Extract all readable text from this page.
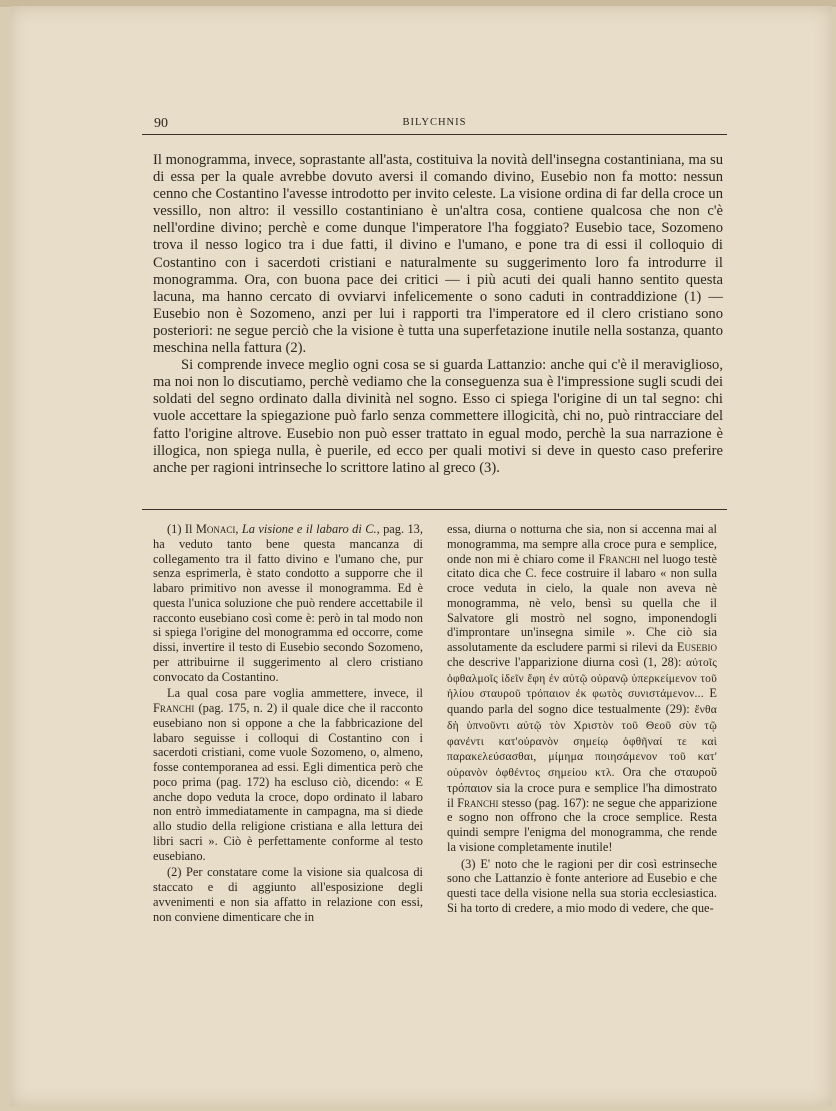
90	BILYCHNIS

Il monogramma, invece, soprastante all'asta, costituiva la novità dell'insegna costantiniana, ma su di essa per la quale avrebbe dovuto aversi il comando divino, Eusebio non fa motto: nessun cenno che Costantino l'avesse introdotto per invito celeste. La visione ordina di far della croce un vessillo, non altro: il vessillo costantiniano è un'altra cosa, contiene qualcosa che non c'è nell'ordine divino; perchè e come dunque l'imperatore l'ha foggiato? Eusebio tace, Sozomeno trova il nesso logico tra i due fatti, il divino e l'umano, e pone tra di essi il colloquio di Costantino con i sacerdoti cristiani e naturalmente su suggerimento loro fa introdurre il monogramma. Ora, con buona pace dei critici — i più acuti dei quali hanno sentito questa lacuna, ma hanno cercato di ovviarvi infelicemente o sono caduti in contraddizione (1) — Eusebio non è Sozomeno, anzi per lui i rapporti tra l'imperatore ed il clero cristiano sono posteriori: ne segue perciò che la visione è tutta una superfetazione inutile nella sostanza, quanto meschina nella fattura (2).

Si comprende invece meglio ogni cosa se si guarda Lattanzio: anche qui c'è il meraviglioso, ma noi non lo discutiamo, perchè vediamo che la conseguenza sua è l'impressione sugli scudi dei soldati del segno ordinato dalla divinità nel sogno. Esso ci spiega l'origine di un tal segno: chi vuole accettare la spiegazione può farlo senza commettere illogicità, chi no, può rintracciare del fatto l'origine altrove. Eusebio non può esser trattato in egual modo, perchè la sua narrazione è illogica, non spiega nulla, è puerile, ed ecco per quali motivi si deve in questo caso preferire anche per ragioni intrinseche lo scrittore latino al greco (3).

(1) Il Monaci, La visione e il labaro di C., pag. 13, ha veduto tanto bene questa mancanza di collegamento tra il fatto divino e l'umano che, pur senza esprimerla, è stato condotto a supporre che il labaro primitivo non avesse il monogramma. Ed è questa l'unica soluzione che può rendere accettabile il racconto eusebiano così come è: però in tal modo non si spiega l'origine del monogramma ed occorre, come dissi, invertire il testo di Eusebio secondo Sozomeno, per attribuirne il suggerimento al clero cristiano convocato da Costantino.

La qual cosa pare voglia ammettere, invece, il Franchi (pag. 175, n. 2) il quale dice che il racconto eusebiano non si oppone a che la fabbricazione del labaro seguisse i colloqui di Costantino con i sacerdoti cristiani, come vuole Sozomeno, o, almeno, fosse contemporanea ad essi. Egli dimentica però che poco prima (pag. 172) ha escluso ciò, dicendo: « E anche dopo veduta la croce, dopo ordinato il labaro non entrò immediatamente in campagna, ma si diede allo studio della religione cristiana e alla lettura dei libri sacri ». Ciò è perfettamente conforme al testo eusebiano.

(2) Per constatare come la visione sia qualcosa di staccato e di aggiunto all'esposizione degli avvenimenti e non sia affatto in relazione con essi, non conviene dimenticare che in

essa, diurna o notturna che sia, non si accenna mai al monogramma, ma sempre alla croce pura e semplice, onde non mi è chiaro come il Franchi nel luogo testè citato dica che C. fece costruire il labaro « non sulla croce veduta in cielo, la quale non aveva nè monogramma, nè velo, bensì su quella che il Salvatore gli mostrò nel sogno, imponendogli d'improntare un'insegna simile ». Che ciò sia assolutamente da escludere parmi si rilevi da Eusebio che descrive l'apparizione diurna così (1, 28): αὐτοῖς ὀφθαλμοῖς ἰδεῖν ἔφη ἐν αὐτῷ οὐρανῷ ὑπερκείμενον τοῦ ἡλίου σταυροῦ τρόπαιον ἐκ φωτὸς συνιστάμενον... E quando parla del sogno dice testualmente (29): ἔνθα δὴ ὑπνοῦντι αὐτῷ τὸν Χριστὸν τοῦ Θεοῦ σὺν τῷ φανέντι κατ'οὐρανὸν σημείῳ ὀφθῆναί τε καὶ παρακελεύσασθαι, μίμημα ποιησάμενον τοῦ κατ' οὐρανὸν ὀφθέντος σημείου κτλ. Ora che σταυροῦ τρόπαιον sia la croce pura e semplice l'ha dimostrato il Franchi stesso (pag. 167): ne segue che apparizione e sogno non offrono che la croce semplice. Resta quindi sempre l'enigma del monogramma, che rende la visione completamente inutile!

(3) E' noto che le ragioni per dir così estrinseche sono che Lattanzio è fonte anteriore ad Eusebio e che questi tace della visione nella sua storia ecclesiastica. Si ha torto di credere, a mio modo di vedere, che que-
